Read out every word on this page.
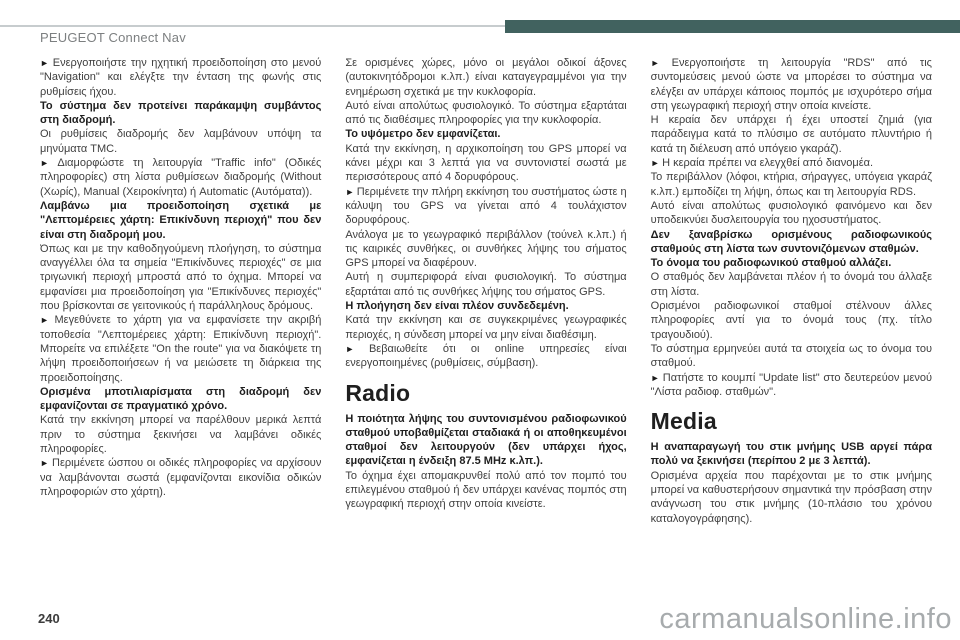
PEUGEOT Connect Nav

► Ενεργοποιήστε την ηχητική προειδοποίηση στο μενού "Navigation" και ελέγξτε την ένταση της φωνής στις ρυθμίσεις ήχου.

Το σύστημα δεν προτείνει παράκαμψη συμβάντος στη διαδρομή.

Οι ρυθμίσεις διαδρομής δεν λαμβάνουν υπόψη τα μηνύματα TMC.

► Διαμορφώστε τη λειτουργία "Traffic info" (Οδικές πληροφορίες) στη λίστα ρυθμίσεων διαδρομής (Without (Χωρίς), Manual (Χειροκίνητα) ή Automatic (Αυτόματα)).

Λαμβάνω μια προειδοποίηση σχετικά με "Λεπτομέρειες χάρτη: Επικίνδυνη περιοχή" που δεν είναι στη διαδρομή μου.

Όπως και με την καθοδηγούμενη πλοήγηση, το σύστημα αναγγέλλει όλα τα σημεία "Επικίνδυνες περιοχές" σε μια τριγωνική περιοχή μπροστά από το όχημα. Μπορεί να εμφανίσει μια προειδοποίηση για "Επικίνδυνες περιοχές" που βρίσκονται σε γειτονικούς ή παράλληλους δρόμους.

► Μεγεθύνετε το χάρτη για να εμφανίσετε την ακριβή τοποθεσία "Λεπτομέρειες χάρτη: Επικίνδυνη περιοχή". Μπορείτε να επιλέξετε "On the route" για να διακόψετε τη λήψη προειδοποιήσεων ή να μειώσετε τη διάρκεια της προειδοποίησης.

Ορισμένα μποτιλιαρίσματα στη διαδρομή δεν εμφανίζονται σε πραγματικό χρόνο.

Κατά την εκκίνηση μπορεί να παρέλθουν μερικά λεπτά πριν το σύστημα ξεκινήσει να λαμβάνει οδικές πληροφορίες.

► Περιμένετε ώσπου οι οδικές πληροφορίες να αρχίσουν να λαμβάνονται σωστά (εμφανίζονται εικονίδια οδικών πληροφοριών στο χάρτη).

Σε ορισμένες χώρες, μόνο οι μεγάλοι οδικοί άξονες (αυτοκινητόδρομοι κ.λπ.) είναι καταγεγραμμένοι για την ενημέρωση σχετικά με την κυκλοφορία.

Αυτό είναι απολύτως φυσιολογικό. Το σύστημα εξαρτάται από τις διαθέσιμες πληροφορίες για την κυκλοφορία.

Το υψόμετρο δεν εμφανίζεται.

Κατά την εκκίνηση, η αρχικοποίηση του GPS μπορεί να κάνει μέχρι και 3 λεπτά για να συντονιστεί σωστά με περισσότερους από 4 δορυφόρους.

► Περιμένετε την πλήρη εκκίνηση του συστήματος ώστε η κάλυψη του GPS να γίνεται από 4 τουλάχιστον δορυφόρους.

Ανάλογα με το γεωγραφικό περιβάλλον (τούνελ κ.λπ.) ή τις καιρικές συνθήκες, οι συνθήκες λήψης του σήματος GPS μπορεί να διαφέρουν.

Αυτή η συμπεριφορά είναι φυσιολογική. Το σύστημα εξαρτάται από τις συνθήκες λήψης του σήματος GPS.

Η πλοήγηση δεν είναι πλέον συνδεδεμένη.

Κατά την εκκίνηση και σε συγκεκριμένες γεωγραφικές περιοχές, η σύνδεση μπορεί να μην είναι διαθέσιμη.

► Βεβαιωθείτε ότι οι online υπηρεσίες είναι ενεργοποιημένες (ρυθμίσεις, σύμβαση).

Radio

Η ποιότητα λήψης του συντονισμένου ραδιοφωνικού σταθμού υποβαθμίζεται σταδιακά ή οι αποθηκευμένοι σταθμοί δεν λειτουργούν (δεν υπάρχει ήχος, εμφανίζεται η ένδειξη 87.5 MHz κ.λπ.).

Το όχημα έχει απομακρυνθεί πολύ από τον πομπό του επιλεγμένου σταθμού ή δεν υπάρχει κανένας πομπός στη γεωγραφική περιοχή στην οποία κινείστε.

► Ενεργοποιήστε τη λειτουργία "RDS" από τις συντομεύσεις μενού ώστε να μπορέσει το σύστημα να ελέγξει αν υπάρχει κάποιος πομπός με ισχυρότερο σήμα στη γεωγραφική περιοχή στην οποία κινείστε.

Η κεραία δεν υπάρχει ή έχει υποστεί ζημιά (για παράδειγμα κατά το πλύσιμο σε αυτόματο πλυντήριο ή κατά τη διέλευση από υπόγειο γκαράζ).

► Η κεραία πρέπει να ελεγχθεί από διανομέα.

Το περιβάλλον (λόφοι, κτήρια, σήραγγες, υπόγεια γκαράζ κ.λπ.) εμποδίζει τη λήψη, όπως και τη λειτουργία RDS.

Αυτό είναι απολύτως φυσιολογικό φαινόμενο και δεν υποδεικνύει δυσλειτουργία του ηχοσυστήματος.

Δεν ξαναβρίσκω ορισμένους ραδιοφωνικούς σταθμούς στη λίστα των συντονιζόμενων σταθμών.

Το όνομα του ραδιοφωνικού σταθμού αλλάζει.

Ο σταθμός δεν λαμβάνεται πλέον ή το όνομά του άλλαξε στη λίστα.

Ορισμένοι ραδιοφωνικοί σταθμοί στέλνουν άλλες πληροφορίες αντί για το όνομά τους (πχ. τίτλο τραγουδιού).

Το σύστημα ερμηνεύει αυτά τα στοιχεία ως το όνομα του σταθμού.

► Πατήστε το κουμπί "Update list" στο δευτερεύον μενού "Λίστα ραδιοφ. σταθμών".

Media

Η αναπαραγωγή του στικ μνήμης USB αργεί πάρα πολύ να ξεκινήσει (περίπου 2 με 3 λεπτά).

Ορισμένα αρχεία που παρέχονται με το στικ μνήμης μπορεί να καθυστερήσουν σημαντικά την πρόσβαση στην ανάγνωση του στικ μνήμης (10-πλάσιο του χρόνου καταλογογράφησης).

240	carmanualsonline.info
